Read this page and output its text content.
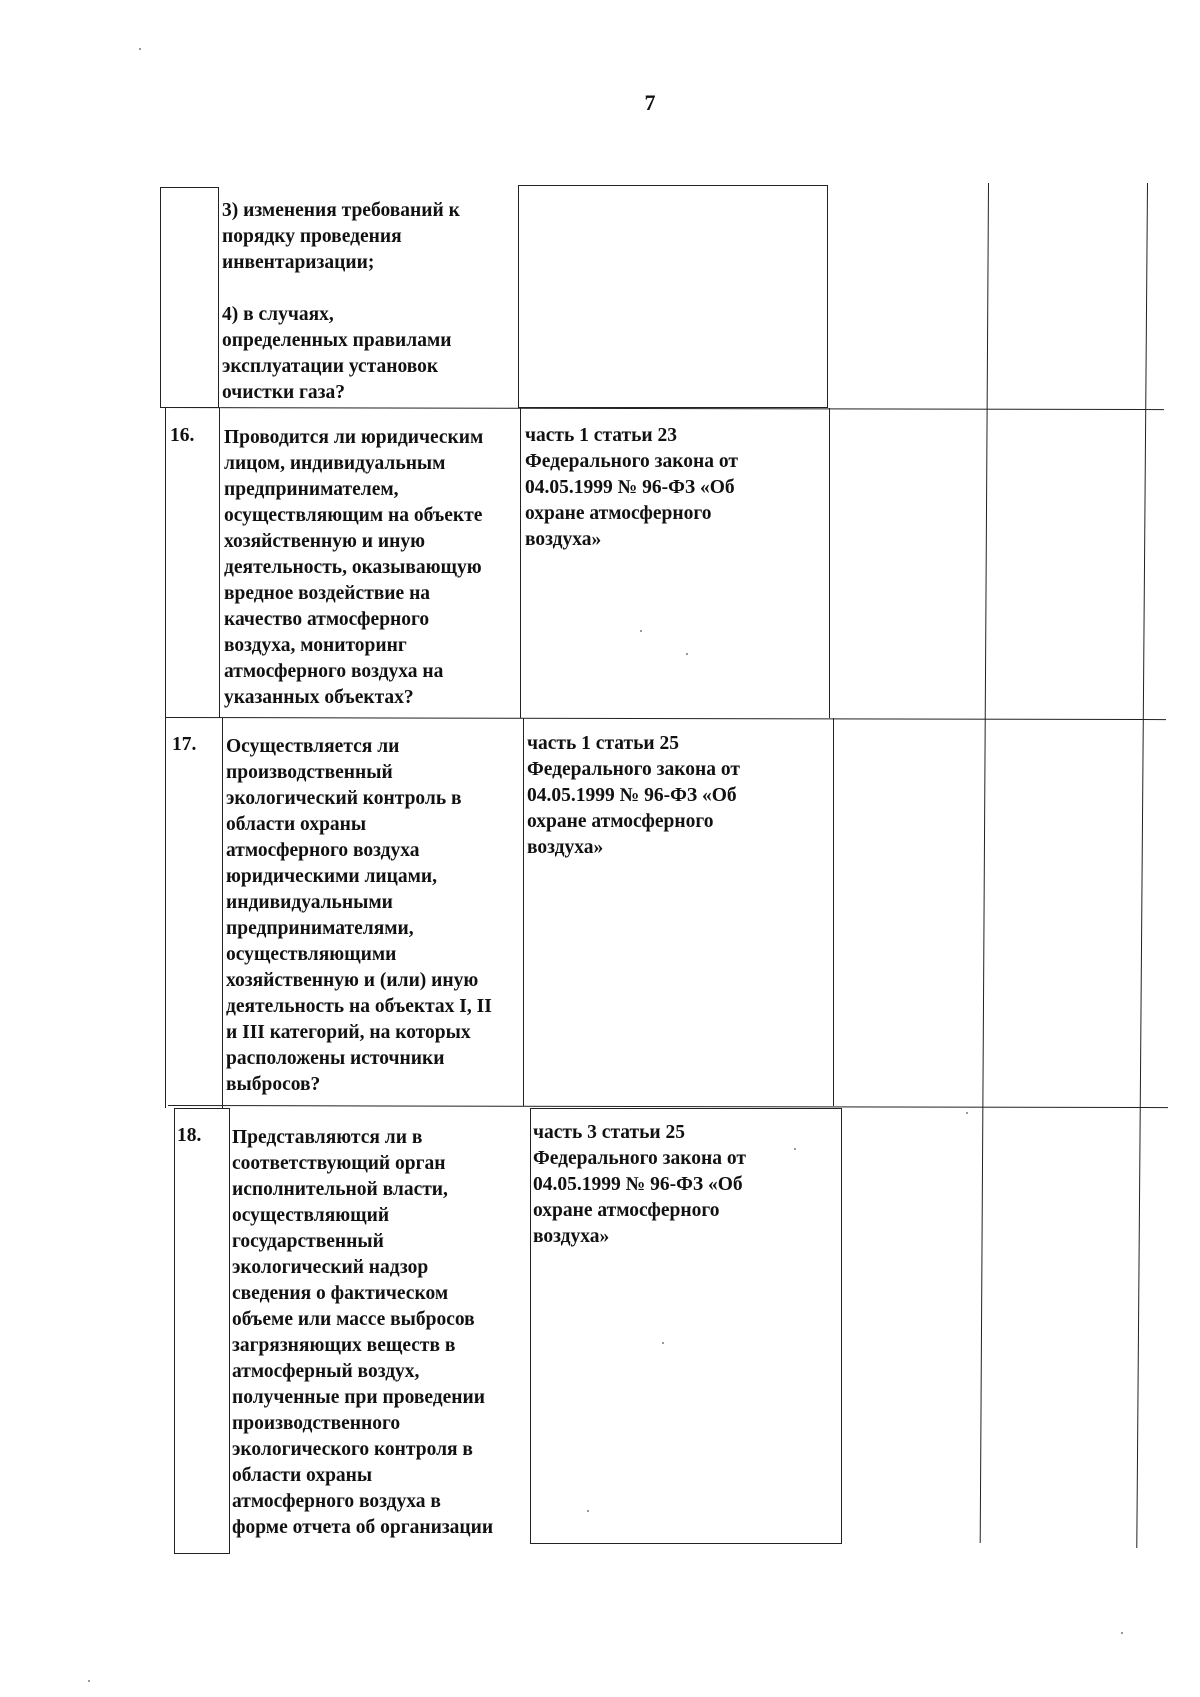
7
3) изменения требований к
порядку проведения
инвентаризации;

4) в случаях,
определенных правилами
эксплуатации установок
очистки газа?
16. Проводится ли юридическим
лицом, индивидуальным
предпринимателем,
осуществляющим на объекте
хозяйственную и иную
деятельность, оказывающую
вредное воздействие на
качество атмосферного
воздуха, мониторинг
атмосферного воздуха на
указанных объектах?
часть 1 статьи 23
Федерального закона от
04.05.1999 № 96-ФЗ «Об
охране атмосферного
воздуха»
17. Осуществляется ли
производственный
экологический контроль в
области охраны
атмосферного воздуха
юридическими лицами,
индивидуальными
предпринимателями,
осуществляющими
хозяйственную и (или) иную
деятельность на объектах I, II
и III категорий, на которых
расположены источники
выбросов?
часть 1 статьи 25
Федерального закона от
04.05.1999 № 96-ФЗ «Об
охране атмосферного
воздуха»
18. Представляются ли в
соответствующий орган
исполнительной власти,
осуществляющий
государственный
экологический надзор
сведения о фактическом
объеме или массе выбросов
загрязняющих веществ в
атмосферный воздух,
полученные при проведении
производственного
экологического контроля в
области охраны
атмосферного воздуха в
форме отчета об организации
часть 3 статьи 25
Федерального закона от
04.05.1999 № 96-ФЗ «Об
охране атмосферного
воздуха»
